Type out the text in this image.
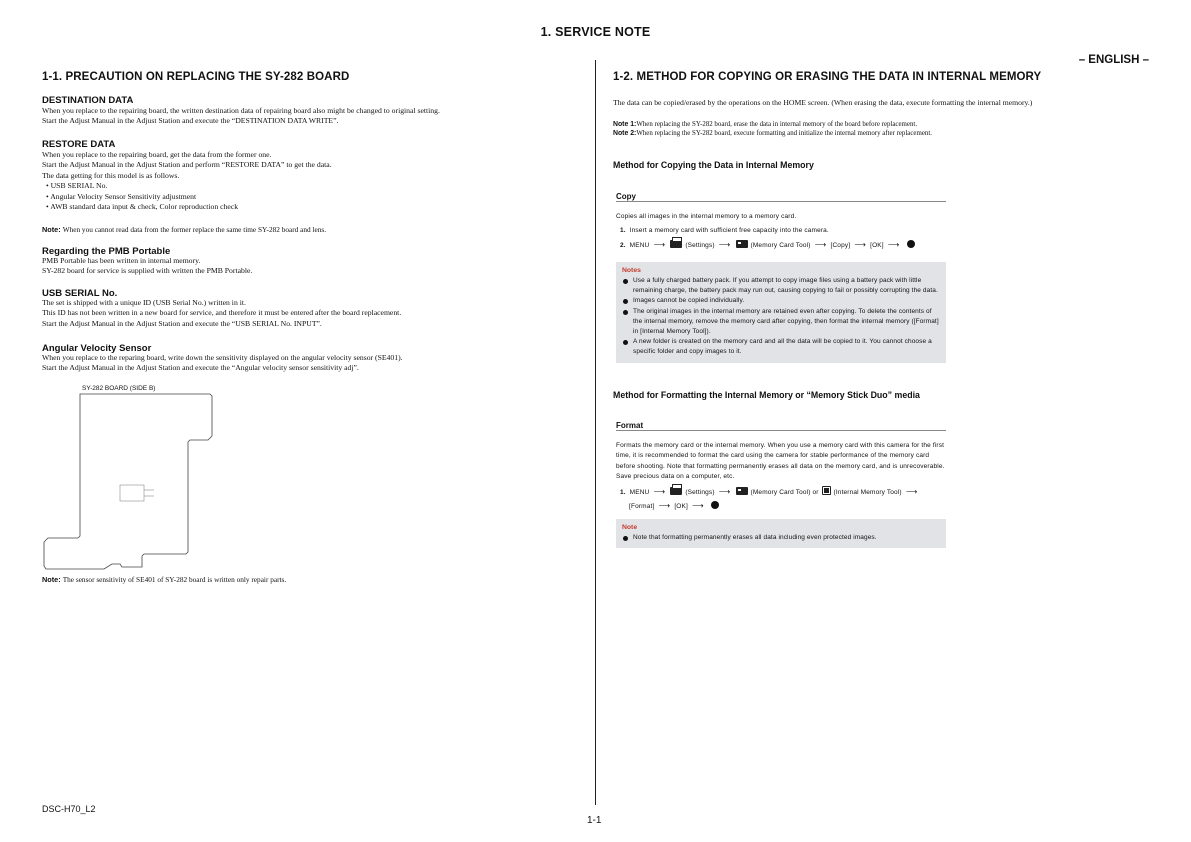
1. SERVICE NOTE
– ENGLISH –
1-1. PRECAUTION ON REPLACING THE SY-282 BOARD
DESTINATION DATA
When you replace to the repairing board, the written destination data of repairing board also might be changed to original setting.
Start the Adjust Manual in the Adjust Station and execute the “DESTINATION DATA WRITE”.
RESTORE DATA
When you replace to the repairing board, get the data from the former one.
Start the Adjust Manual in the Adjust Station and perform “RESTORE DATA” to get the data.
The data getting for this model is as follows.
• USB SERIAL No.
• Angular Velocity Sensor Sensitivity adjustment
• AWB standard data input & check, Color reproduction check
Note: When you cannot read data from the former replace the same time SY-282 board and lens.
Regarding the PMB Portable
PMB Portable has been written in internal memory.
SY-282 board for service is supplied with written the PMB Portable.
USB SERIAL No.
The set is shipped with a unique ID (USB Serial No.) written in it.
This ID has not been written in a new board for service, and therefore it must be entered after the board replacement.
Start the Adjust Manual in the Adjust Station and execute the “USB SERIAL No. INPUT”.
Angular Velocity Sensor
When you replace to the reparing board, write down the sensitivity displayed on the angular velocity sensor (SE401).
Start the Adjust Manual in the Adjust Station and execute the “Angular velocity sensor sensitivity adj”.
SY-282 BOARD (SIDE B)
Note: The sensor sensitivity of SE401 of SY-282 board is written only repair parts.
1-2. METHOD FOR COPYING OR ERASING THE DATA IN INTERNAL MEMORY
The data can be copied/erased by the operations on the HOME screen. (When erasing the data, execute formatting the internal memory.)
Note 1:When replacing the SY-282 board, erase the data in internal memory of the board before replacement.
Note 2:When replacing the SY-282 board, execute formatting and initialize the internal memory after replacement.
Method for Copying the Data in Internal Memory
Copy
Copies all images in the internal memory to a memory card.
1. Insert a memory card with sufficient free capacity into the camera.
2. MENU ⟶	(Settings) ⟶	(Memory Card Tool) ⟶ [Copy] ⟶ [OK] ⟶
Notes
Use a fully charged battery pack. If you attempt to copy image files using a battery pack with little remaining charge, the battery pack may run out, causing copying to fail or possibly corrupting the data.
Images cannot be copied individually.
The original images in the internal memory are retained even after copying. To delete the contents of the internal memory, remove the memory card after copying, then format the internal memory ([Format] in [Internal Memory Tool]).
A new folder is created on the memory card and all the data will be copied to it. You cannot choose a specific folder and copy images to it.
Method for Formatting the Internal Memory or “Memory Stick Duo” media
Format
Formats the memory card or the internal memory. When you use a memory card with this camera for the first time, it is recommended to format the card using the camera for stable performance of the memory card before shooting. Note that formatting permanently erases all data on the memory card, and is unrecoverable. Save precious data on a computer, etc.
1. MENU ⟶	(Settings) ⟶	(Memory Card Tool) or (Internal Memory Tool) ⟶
[Format] ⟶ [OK] ⟶
Note
Note that formatting permanently erases all data including even protected images.
DSC-H70_L2
1-1
